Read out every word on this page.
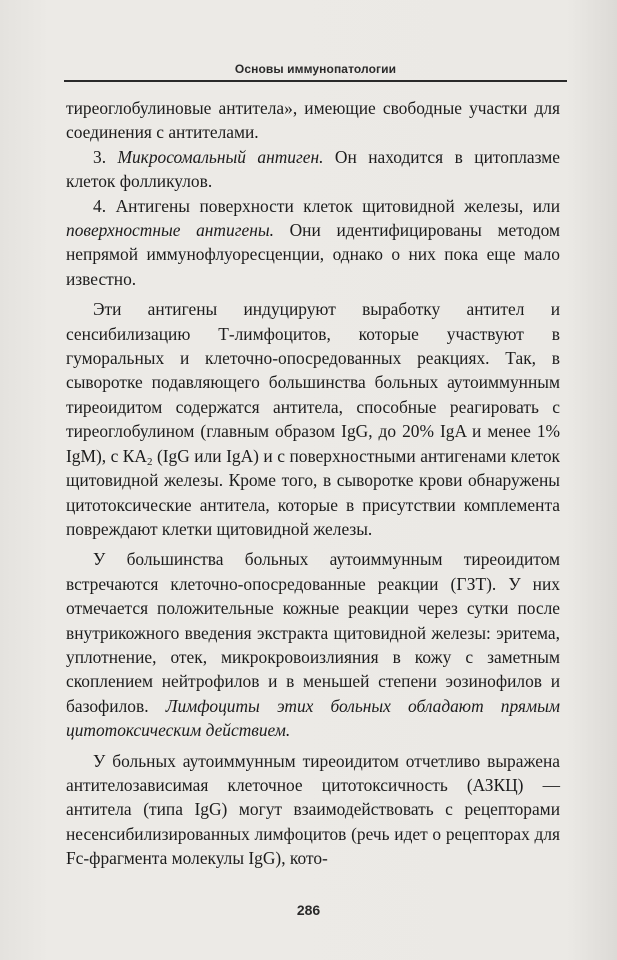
Основы иммунопатологии

тиреоглобулиновые антитела», имеющие свободные участки для соединения с антителами.

3. Микросомальный антиген. Он находится в цитоплазме клеток фолликулов.

4. Антигены поверхности клеток щитовидной железы, или поверхностные антигены. Они идентифицированы методом непрямой иммунофлуоресценции, однако о них пока еще мало известно.

Эти антигены индуцируют выработку антител и сенсибилизацию Т-лимфоцитов, которые участвуют в гуморальных и клеточно-опосредованных реакциях. Так, в сыворотке подавляющего большинства больных аутоиммунным тиреоидитом содержатся антитела, способные реагировать с тиреоглобулином (главным образом IgG, до 20% IgA и менее 1% IgM), с $КА_2$ (IgG или IgA) и с поверхностными антигенами клеток щитовидной железы. Кроме того, в сыворотке крови обнаружены цитотоксические антитела, которые в присутствии комплемента повреждают клетки щитовидной железы.

У большинства больных аутоиммунным тиреоидитом встречаются клеточно-опосредованные реакции (ГЗТ). У них отмечается положительные кожные реакции через сутки после внутрикожного введения экстракта щитовидной железы: эритема, уплотнение, отек, микрокровоизлияния в кожу с заметным скоплением нейтрофилов и в меньшей степени эозинофилов и базофилов. Лимфоциты этих больных обладают прямым цитотоксическим действием.

У больных аутоиммунным тиреоидитом отчетливо выражена антителозависимая клеточное цитотоксичность (АЗКЦ) — антитела (типа IgG) могут взаимодействовать с рецепторами несенсибилизированных лимфоцитов (речь идет о рецепторах для Fc-фрагмента молекулы IgG), кото-

286
